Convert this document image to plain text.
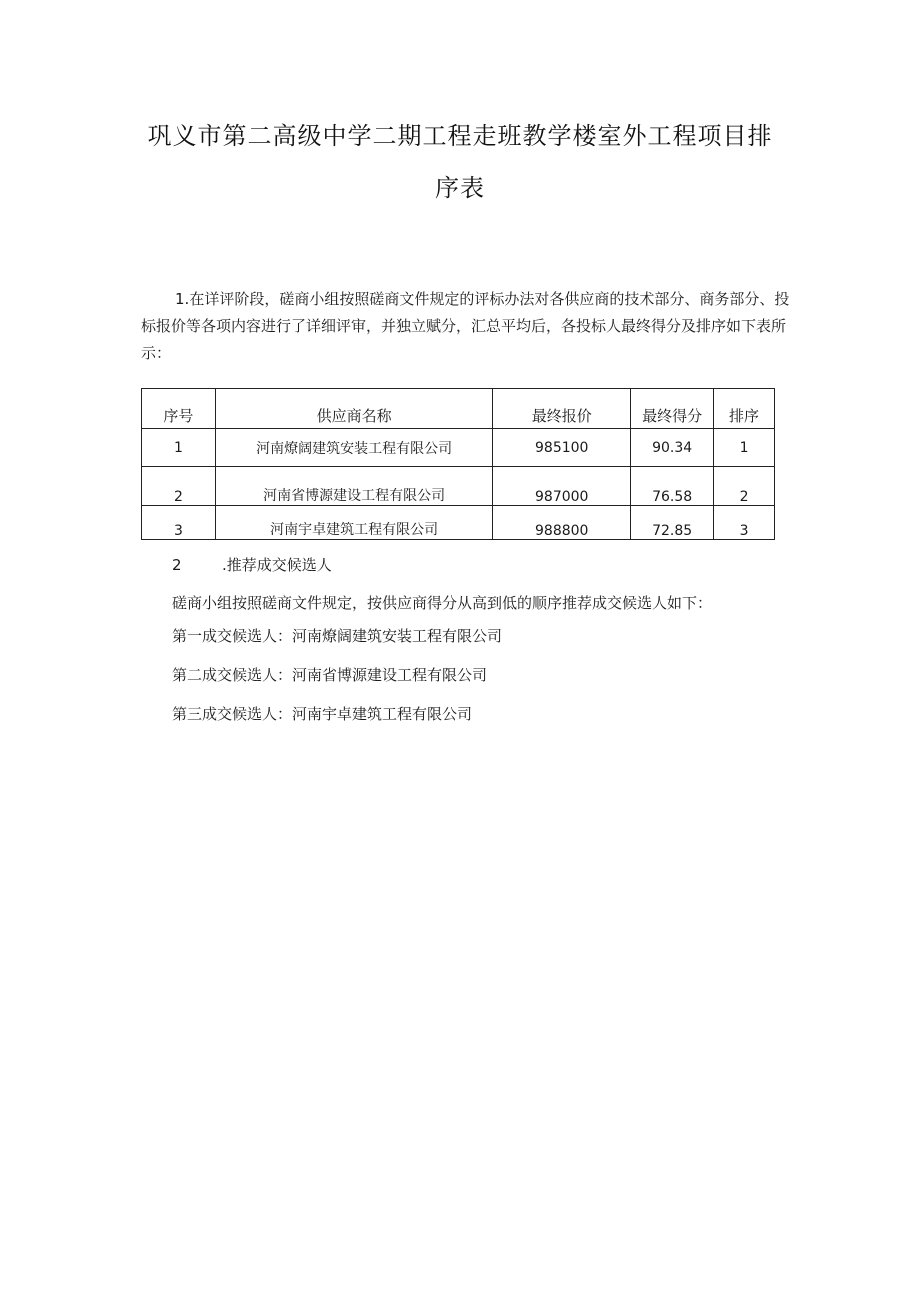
巩义市第二高级中学二期工程走班教学楼室外工程项目排
序表
1.在详评阶段，磋商小组按照磋商文件规定的评标办法对各供应商的技术部分、商务部分、投标报价等各项内容进行了详细评审，并独立赋分，汇总平均后，各投标人最终得分及排序如下表所示：
序号	供应商名称	最终报价	最终得分	排序
1	河南燎阔建筑安装工程有限公司	985100	90.34	1
2	河南省博源建设工程有限公司	987000	76.58	2
3	河南宇卓建筑工程有限公司	988800	72.85	3
2	.推荐成交候选人
磋商小组按照磋商文件规定，按供应商得分从高到低的顺序推荐成交候选人如下：
第一成交候选人：河南燎阔建筑安装工程有限公司
第二成交候选人：河南省博源建设工程有限公司
第三成交候选人：河南宇卓建筑工程有限公司
